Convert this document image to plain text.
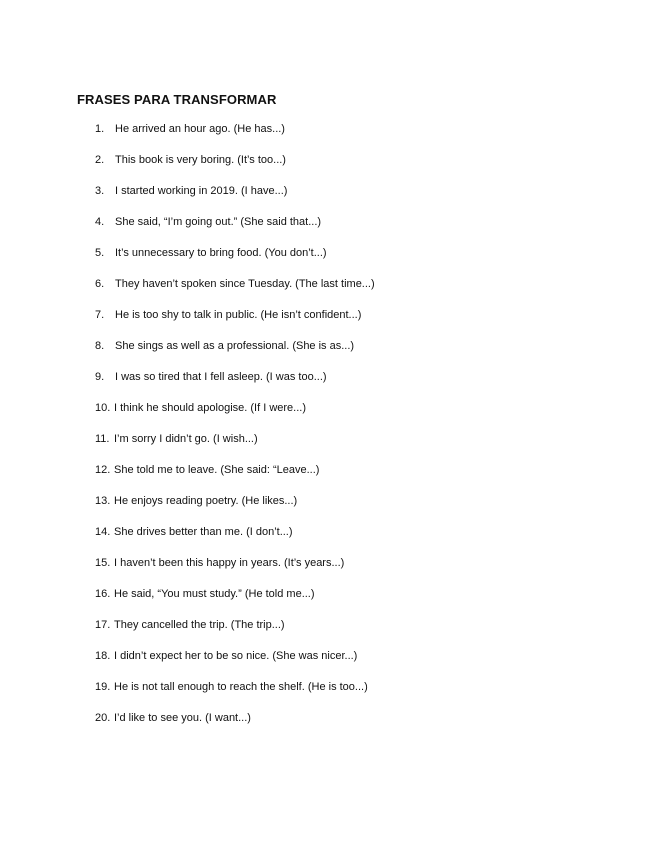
FRASES PARA TRANSFORMAR
1. He arrived an hour ago. (He has...)
2. This book is very boring. (It’s too...)
3. I started working in 2019. (I have...)
4. She said, “I’m going out.” (She said that...)
5. It’s unnecessary to bring food. (You don’t...)
6. They haven’t spoken since Tuesday. (The last time...)
7. He is too shy to talk in public. (He isn’t confident...)
8. She sings as well as a professional. (She is as...)
9. I was so tired that I fell asleep. (I was too...)
10. I think he should apologise. (If I were...)
11. I’m sorry I didn’t go. (I wish...)
12. She told me to leave. (She said: “Leave...)
13. He enjoys reading poetry. (He likes...)
14. She drives better than me. (I don’t...)
15. I haven’t been this happy in years. (It’s years...)
16. He said, “You must study.” (He told me...)
17. They cancelled the trip. (The trip...)
18. I didn’t expect her to be so nice. (She was nicer...)
19. He is not tall enough to reach the shelf. (He is too...)
20. I’d like to see you. (I want...)
